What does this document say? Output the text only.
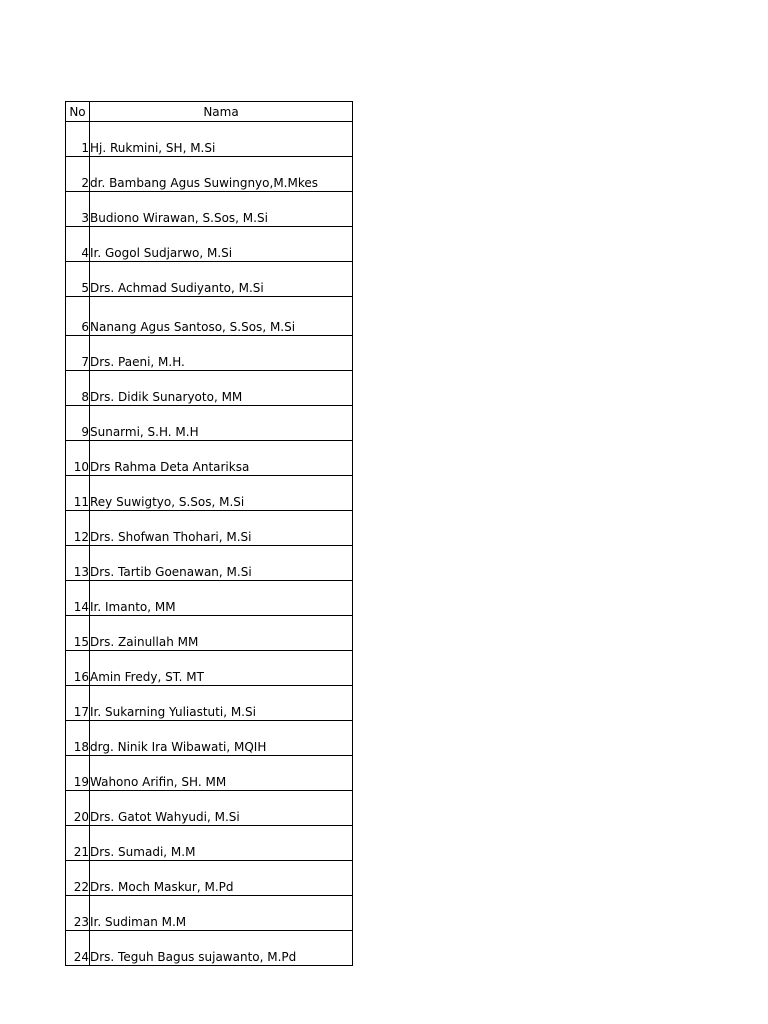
No	Nama
1	Hj. Rukmini, SH, M.Si
2	dr. Bambang Agus Suwingnyo,M.Mkes
3	Budiono Wirawan, S.Sos, M.Si
4	Ir. Gogol Sudjarwo, M.Si
5	Drs. Achmad Sudiyanto, M.Si
6	Nanang Agus Santoso, S.Sos, M.Si
7	Drs. Paeni, M.H.
8	Drs. Didik Sunaryoto, MM
9	Sunarmi, S.H. M.H
10	Drs Rahma Deta Antariksa
11	Rey Suwigtyo, S.Sos, M.Si
12	Drs. Shofwan Thohari, M.Si
13	Drs. Tartib Goenawan, M.Si
14	Ir. Imanto, MM
15	Drs. Zainullah MM
16	Amin Fredy, ST. MT
17	Ir. Sukarning Yuliastuti, M.Si
18	drg. Ninik Ira Wibawati, MQIH
19	Wahono Arifin, SH. MM
20	Drs. Gatot Wahyudi, M.Si
21	Drs. Sumadi, M.M
22	Drs. Moch Maskur, M.Pd
23	Ir. Sudiman M.M
24	Drs. Teguh Bagus sujawanto, M.Pd
